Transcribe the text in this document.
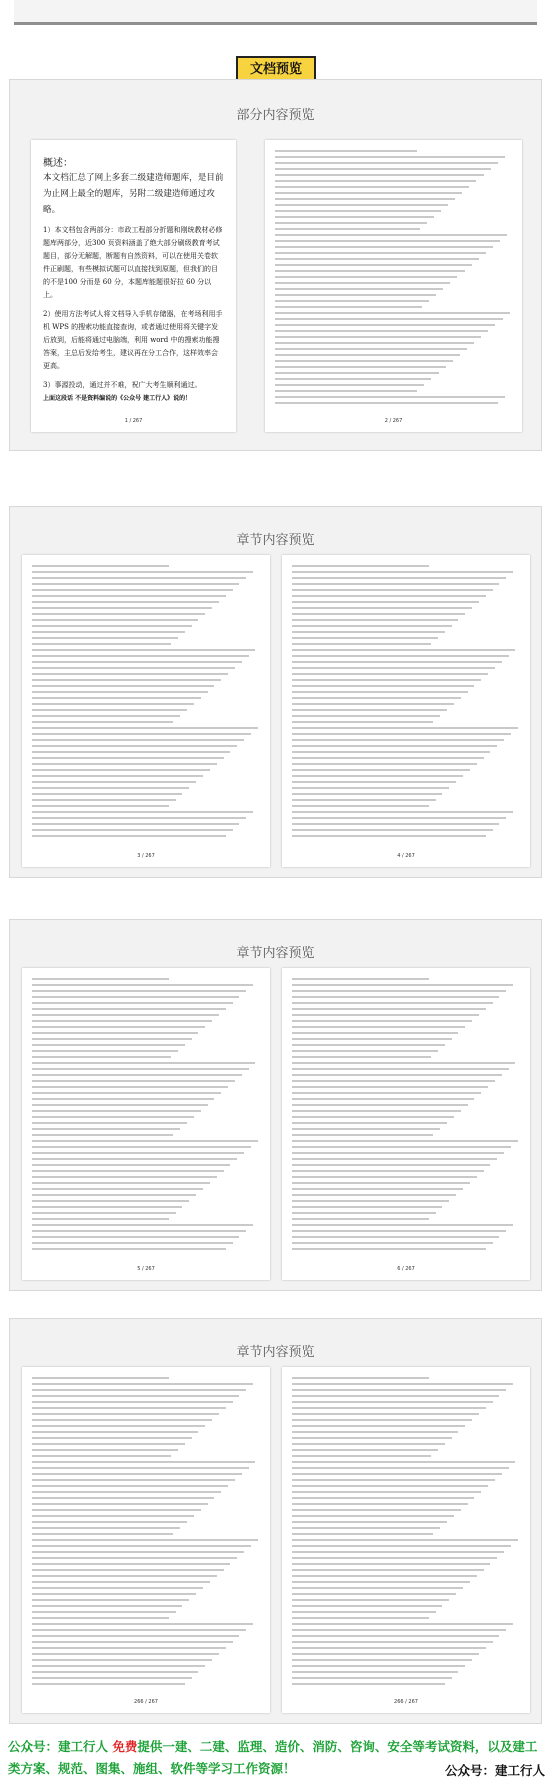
文档预览
部分内容预览
概述：
本文档汇总了网上多套二级建造师题库，是目前为止网上最全的题库，另附二级建造师通过攻略。
1）本文档包含两部分：市政工程部分折题和刚统教材必修题库两部分，近300 页资料涵盖了绝大部分刷级教育考试题目，部分无解题，断题有自然资料，可以在使用关卷软件正刷题，有些模拟试题可以直接找到原题，但我们的目的不是100 分而是 60 分，本题库能题很好拉 60 分以上。
2）使用方法考试人将文档导入手机存储器，在考场利用手机 WPS 的搜索功能直接查询，或者通过使用将关键字发后放到，后能将通过电脑端，利用 word 中的搜索功能搜答案，主总后发给考生，建议再在分工合作，这样效率会更高。
3）事源投动，通过并不难，祝广大考生顺利通过。
上面这段话 不是资料编说的《公众号 建工行人》说的！
1 / 267	2 / 267
章节内容预览
3 / 267	4 / 267
章节内容预览
5 / 267	6 / 267
章节内容预览
266 / 267	266 / 267
公众号：建工行人 免费提供一建、二建、监理、造价、消防、咨询、安全等考试资料，以及建工类方案、规范、图集、施组、软件等学习工作资源！	公众号：建工行人
